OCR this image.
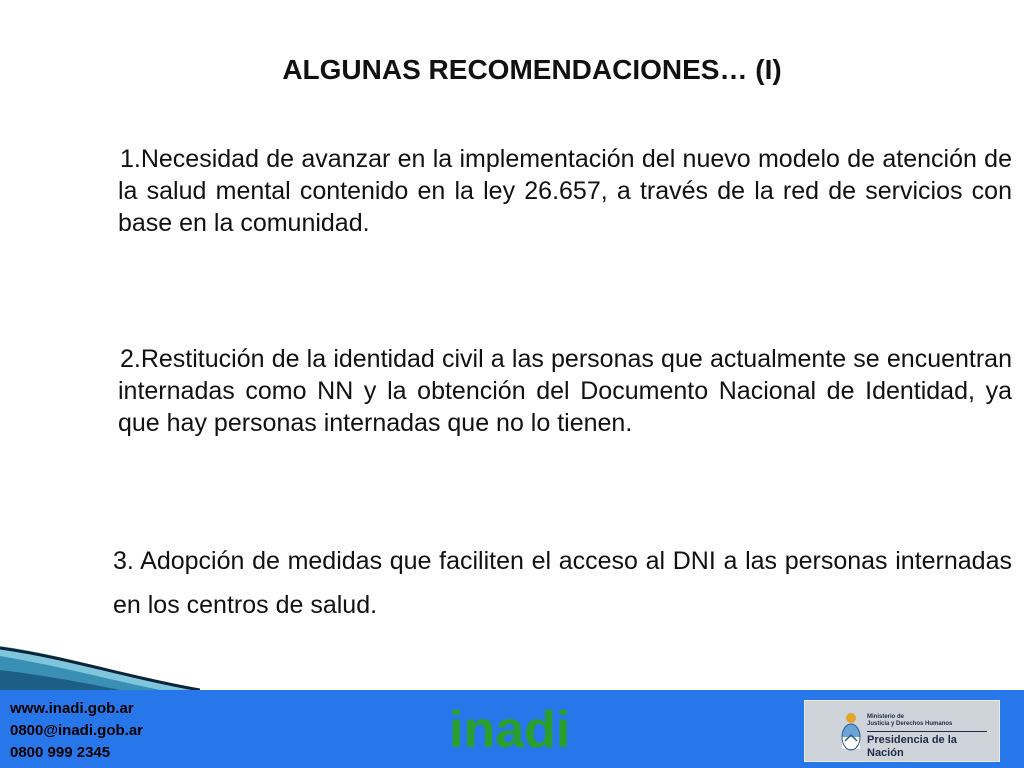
ALGUNAS RECOMENDACIONES… (I)

1.Necesidad de avanzar en la implementación del nuevo modelo de atención de la salud mental contenido en la ley 26.657, a través de la red de servicios con base en la comunidad.

2.Restitución de la identidad civil a las personas que actualmente se encuentran internadas como NN y la obtención del Documento Nacional de Identidad, ya que hay personas internadas que no lo tienen.

3. Adopción de medidas que faciliten el acceso al DNI a las personas internadas en los centros de salud.

www.inadi.gob.ar
0800@inadi.gob.ar
0800 999 2345	inadi	Ministerio de
Justicia y Derechos Humanos
Presidencia de la Nación
